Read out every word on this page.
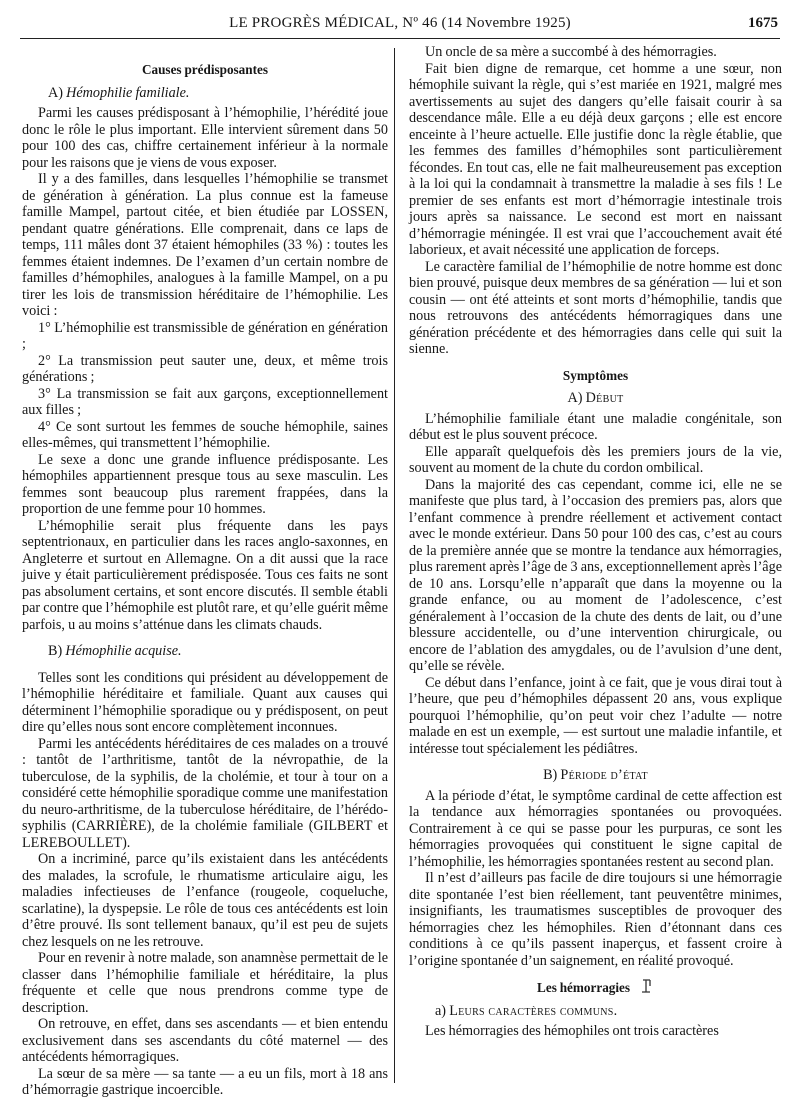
LE PROGRÈS MÉDICAL, Nº 46 (14 Novembre 1925)	1675
Causes prédisposantes
A) Hémophilie familiale.

Parmi les causes prédisposant à l’hémophilie, l’hérédité joue donc le rôle le plus important. Elle intervient sûrement dans 50 pour 100 des cas, chiffre certainement inférieur à la normale pour les raisons que je viens de vous exposer.

Il y a des familles, dans lesquelles l’hémophilie se transmet de génération à génération. La plus connue est la fameuse famille Mampel, partout citée, et bien étudiée par LOSSEN, pendant quatre générations. Elle comprenait, dans ce laps de temps, 111 mâles dont 37 étaient hémophiles (33 %) : toutes les femmes étaient indemnes. De l’examen d’un certain nombre de familles d’hémophiles, analogues à la famille Mampel, on a pu tirer les lois de transmission héréditaire de l’hémophilie. Les voici :

1° L’hémophilie est transmissible de génération en génération ;

2° La transmission peut sauter une, deux, et même trois générations ;

3° La transmission se fait aux garçons, exceptionnellement aux filles ;

4° Ce sont surtout les femmes de souche hémophile, saines elles-mêmes, qui transmettent l’hémophilie.

Le sexe a donc une grande influence prédisposante. Les hémophiles appartiennent presque tous au sexe masculin. Les femmes sont beaucoup plus rarement frappées, dans la proportion de une femme pour 10 hommes.

L’hémophilie serait plus fréquente dans les pays septentrionaux, en particulier dans les races anglo-saxonnes, en Angleterre et surtout en Allemagne. On a dit aussi que la race juive y était particulièrement prédisposée. Tous ces faits ne sont pas absolument certains, et sont encore discutés. Il semble établi par contre que l’hémophile est plutôt rare, et qu’elle guérit même parfois, u au moins s’atténue dans les climats chauds.

B) Hémophilie acquise.

Telles sont les conditions qui président au développement de l’hémophilie héréditaire et familiale. Quant aux causes qui déterminent l’hémophilie sporadique ou y prédisposent, on peut dire qu’elles nous sont encore complètement inconnues.

Parmi les antécédents héréditaires de ces malades on a trouvé : tantôt de l’arthritisme, tantôt de la névropathie, de la tuberculose, de la syphilis, de la cholémie, et tour à tour on a considéré cette hémophilie sporadique comme une manifestation du neuro-arthritisme, de la tuberculose héréditaire, de l’hérédo-syphilis (CARRIÈRE), de la cholémie familiale (GILBERT et LEREBOULLET).

On a incriminé, parce qu’ils existaient dans les antécédents des malades, la scrofule, le rhumatisme articulaire aigu, les maladies infectieuses de l’enfance (rougeole, coqueluche, scarlatine), la dyspepsie. Le rôle de tous ces antécédents est loin d’être prouvé. Ils sont tellement banaux, qu’il est peu de sujets chez lesquels on ne les retrouve.

Pour en revenir à notre malade, son anamnèse permettait de le classer dans l’hémophilie familiale et héréditaire, la plus fréquente et celle que nous prendrons comme type de description.

On retrouve, en effet, dans ses ascendants — et bien entendu exclusivement dans ses ascendants du côté maternel — des antécédents hémorragiques.

La sœur de sa mère — sa tante — a eu un fils, mort à 18 ans d’hémorragie gastrique incoercible.

Un oncle de sa mère a succombé à des hémorragies.

Fait bien digne de remarque, cet homme a une sœur, non hémophile suivant la règle, qui s’est mariée en 1921, malgré mes avertissements au sujet des dangers qu’elle faisait courir à sa descendance mâle. Elle a eu déjà deux garçons ; elle est encore enceinte à l’heure actuelle. Elle justifie donc la règle établie, que les femmes des familles d’hémophiles sont particulièrement fécondes. En tout cas, elle ne fait malheureusement pas exception à la loi qui la condamnait à transmettre la maladie à ses fils ! Le premier de ses enfants est mort d’hémorragie intestinale trois jours après sa naissance. Le second est mort en naissant d’hémorragie méningée. Il est vrai que l’accouchement avait été laborieux, et avait nécessité une application de forceps.

Le caractère familial de l’hémophilie de notre homme est donc bien prouvé, puisque deux membres de sa génération — lui et son cousin — ont été atteints et sont morts d’hémophilie, tandis que nous retrouvons des antécédents hémorragiques dans une génération précédente et des hémorragies dans celle qui suit la sienne.

Symptômes
A) Début

L’hémophilie familiale étant une maladie congénitale, son début est le plus souvent précoce.

Elle apparaît quelquefois dès les premiers jours de la vie, souvent au moment de la chute du cordon ombilical.

Dans la majorité des cas cependant, comme ici, elle ne se manifeste que plus tard, à l’occasion des premiers pas, alors que l’enfant commence à prendre réellement et activement contact avec le monde extérieur. Dans 50 pour 100 des cas, c’est au cours de la première année que se montre la tendance aux hémorragies, plus rarement après l’âge de 3 ans, exceptionnellement après l’âge de 10 ans. Lorsqu’elle n’apparaît que dans la moyenne ou la grande enfance, ou au moment de l’adolescence, c’est généralement à l’occasion de la chute des dents de lait, ou d’une blessure accidentelle, ou d’une intervention chirurgicale, ou encore de l’ablation des amygdales, ou de l’avulsion d’une dent, qu’elle se révèle.

Ce début dans l’enfance, joint à ce fait, que je vous dirai tout à l’heure, que peu d’hémophiles dépassent 20 ans, vous explique pourquoi l’hémophilie, qu’on peut voir chez l’adulte — notre malade en est un exemple, — est surtout une maladie infantile, et intéresse tout spécialement les pédiâtres.

B) Période d’état

A la période d’état, le symptôme cardinal de cette affection est la tendance aux hémorragies spontanées ou provoquées. Contrairement à ce qui se passe pour les purpuras, ce sont les hémorragies provoquées qui constituent le signe capital de l’hémophilie, les hémorragies spontanées restent au second plan.

Il n’est d’ailleurs pas facile de dire toujours si une hémorragie dite spontanée l’est bien réellement, tant peuventêtre minimes, insignifiants, les traumatismes susceptibles de provoquer des hémorragies chez les hémophiles. Rien d’étonnant dans ces conditions à ce qu’ils passent inaperçus, et fassent croire à l’origine spontanée d’un saignement, en réalité provoqué.

Les hémorragies
a) Leurs caractères communs.

Les hémorragies des hémophiles ont trois caractères
